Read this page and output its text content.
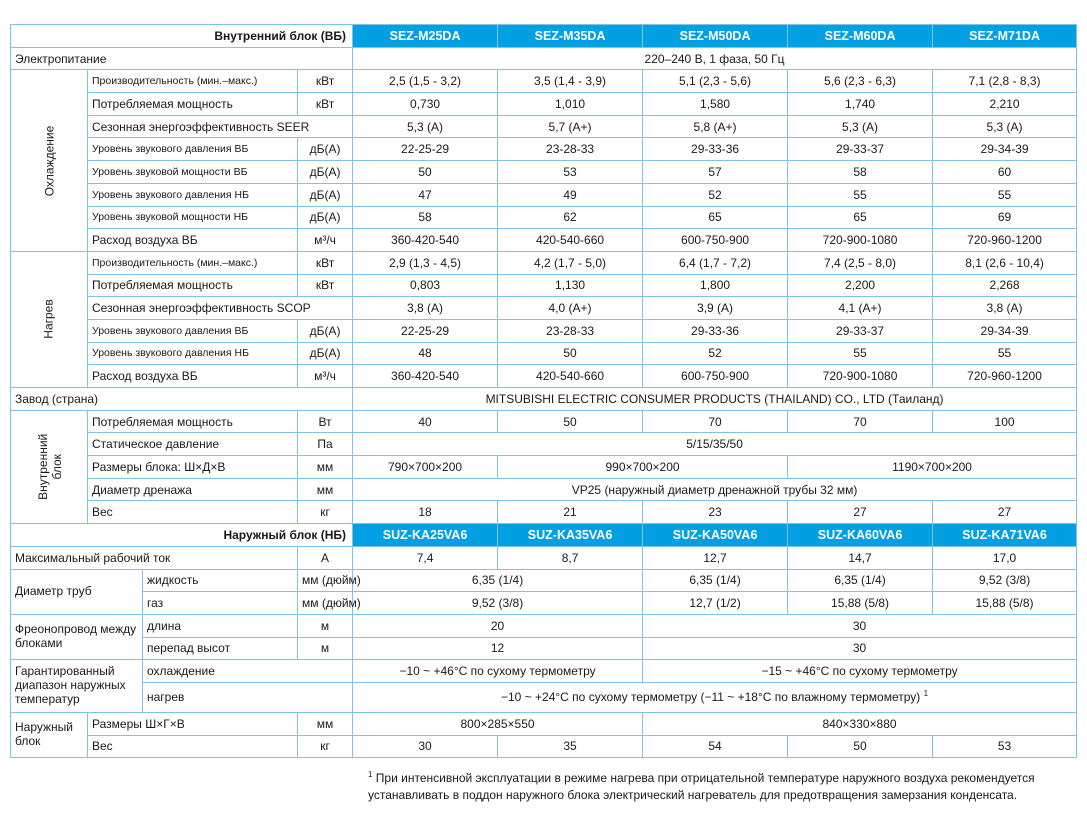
Внутренний блок (ВБ)				SEZ-M25DA	SEZ-M35DA	SEZ-M50DA	SEZ-M60DA	SEZ-M71DA
Электропитание				220–240 В, 1 фаза, 50 Гц				
Охлаждение	Производительность (мин.–макс.)		кВт	2,5 (1,5 - 3,2)	3,5 (1,4 - 3,9)	5,1 (2,3 - 5,6)	5,6 (2,3 - 6,3)	7,1 (2,8 - 8,3)
	Потребляемая мощность		кВт	0,730	1,010	1,580	1,740	2,210
	Сезонная энергоэффективность SEER			5,3 (А)	5,7 (А+)	5,8 (А+)	5,3 (А)	5,3 (А)
	Уровень звукового давления ВБ		дБ(А)	22-25-29	23-28-33	29-33-36	29-33-37	29-34-39
	Уровень звуковой мощности ВБ		дБ(А)	50	53	57	58	60
	Уровень звукового давления НБ		дБ(А)	47	49	52	55	55
	Уровень звуковой мощности НБ		дБ(А)	58	62	65	65	69
	Расход воздуха ВБ		м³/ч	360-420-540	420-540-660	600-750-900	720-900-1080	720-960-1200
Нагрев	Производительность (мин.–макс.)		кВт	2,9 (1,3 - 4,5)	4,2 (1,7 - 5,0)	6,4 (1,7 - 7,2)	7,4 (2,5 - 8,0)	8,1 (2,6 - 10,4)
	Потребляемая мощность		кВт	0,803	1,130	1,800	2,200	2,268
	Сезонная энергоэффективность SCOP			3,8 (А)	4,0 (А+)	3,9 (А)	4,1 (А+)	3,8 (А)
	Уровень звукового давления ВБ		дБ(А)	22-25-29	23-28-33	29-33-36	29-33-37	29-34-39
	Уровень звукового давления НБ		дБ(А)	48	50	52	55	55
	Расход воздуха ВБ		м³/ч	360-420-540	420-540-660	600-750-900	720-900-1080	720-960-1200
Завод (страна)				MITSUBISHI ELECTRIC CONSUMER PRODUCTS (THAILAND) CO., LTD (Таиланд)				
Внутренний блок	Потребляемая мощность		Вт	40	50	70	70	100
	Статическое давление		Па	5/15/35/50				
	Размеры блока: Ш×Д×В		мм	790×700×200	990×700×200		1190×700×200	
	Диаметр дренажа		мм	VP25 (наружный диаметр дренажной трубы 32 мм)				
	Вес		кг	18	21	23	27	27
Наружный блок (НБ)				SUZ-KA25VA6	SUZ-KA35VA6	SUZ-KA50VA6	SUZ-KA60VA6	SUZ-KA71VA6
Максимальный рабочий ток			А	7,4	8,7	12,7	14,7	17,0
Диаметр труб		жидкость	мм (дюйм)	6,35 (1/4)		6,35 (1/4)	6,35 (1/4)	9,52 (3/8)
		газ	мм (дюйм)	9,52 (3/8)		12,7 (1/2)	15,88 (5/8)	15,88 (5/8)
Фреонопровод между блоками		длина	м	20		30		
		перепад высот	м	12		30		
Гарантированный диапазон наружных температур		охлаждение		−10 ~ +46°C по сухому термометру		−15 ~ +46°C по сухому термометру		
		нагрев		−10 ~ +24°C по сухому термометру (−11 ~ +18°C по влажному термометру) $^1$
Наружный блок	Размеры Ш×Г×В		мм	800×285×550		840×330×880		
	Вес		кг	30	35	54	50	53
$^1$ При интенсивной эксплуатации в режиме нагрева при отрицательной температуре наружного воздуха рекомендуется
устанавливать в поддон наружного блока электрический нагреватель для предотвращения замерзания конденсата.
